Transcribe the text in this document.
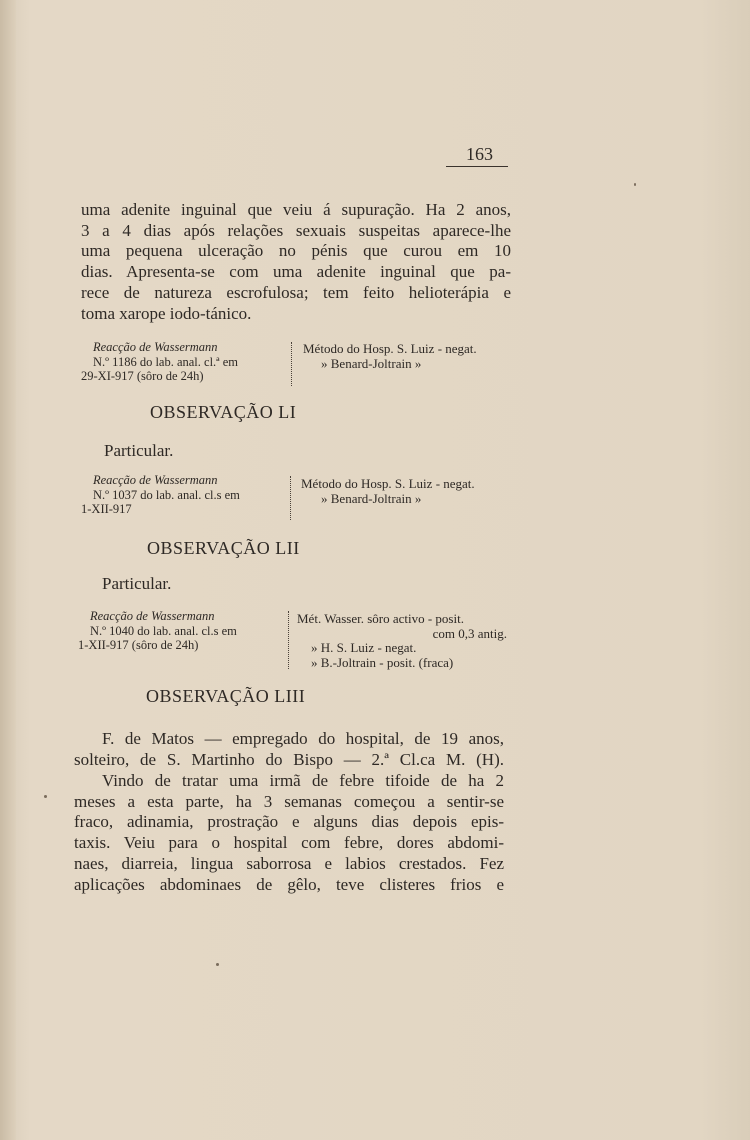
163
uma adenite inguinal que veiu á supuração. Ha 2 anos,
3 a 4 dias após relações sexuais suspeitas aparece-lhe
uma pequena ulceração no pénis que curou em 10
dias. Apresenta-se com uma adenite inguinal que pa-
rece de natureza escrofulosa; tem feito helioterápia e
toma xarope iodo-tánico.
Reacção de Wassermann
N.º 1186 do lab. anal. cl.ª em
29-XI-917 (sôro de 24h)
Método do Hosp. S. Luiz - negat.
» Benard-Joltrain »
OBSERVAÇÃO LI
Particular.
Reacção de Wassermann
N.º 1037 do lab. anal. cl.s em
1-XII-917
Método do Hosp. S. Luiz - negat.
» Benard-Joltrain »
OBSERVAÇÃO LII
Particular.
Reacção de Wassermann
N.º 1040 do lab. anal. cl.s em
1-XII-917 (sôro de 24h)
Mét. Wasser. sôro activo - posit.
com 0,3 antig.
» H. S. Luiz - negat.
» B.-Joltrain - posit. (fraca)
OBSERVAÇÃO LIII
F. de Matos — empregado do hospital, de 19 anos,
solteiro, de S. Martinho do Bispo — 2.ª Cl.ca M. (H).
Vindo de tratar uma irmã de febre tifoide de ha 2
meses a esta parte, ha 3 semanas começou a sentir-se
fraco, adinamia, prostração e alguns dias depois epis-
taxis. Veiu para o hospital com febre, dores abdomi-
naes, diarreia, lingua saborrosa e labios crestados. Fez
aplicações abdominaes de gêlo, teve clisteres frios e
